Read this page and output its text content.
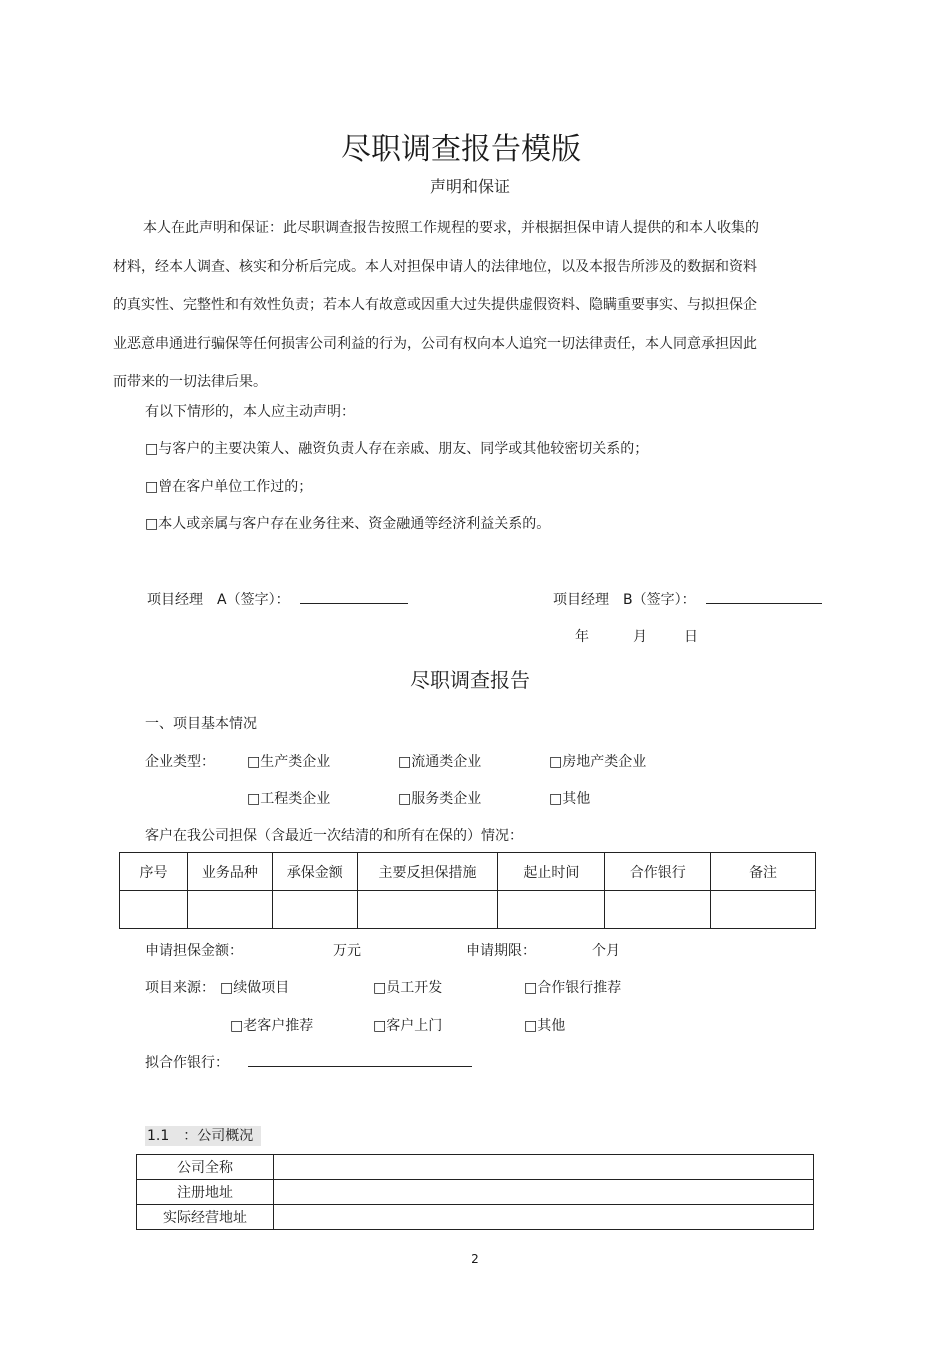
尽职调查报告模版
声明和保证

本人在此声明和保证：此尽职调查报告按照工作规程的要求，并根据担保申请人提供的和本人收集的材料，经本人调查、核实和分析后完成。本人对担保申请人的法律地位，以及本报告所涉及的数据和资料的真实性、完整性和有效性负责；若本人有故意或因重大过失提供虚假资料、隐瞒重要事实、与拟担保企业恶意串通进行骗保等任何损害公司利益的行为，公司有权向本人追究一切法律责任，本人同意承担因此而带来的一切法律后果。

有以下情形的，本人应主动声明：
□与客户的主要决策人、融资负责人存在亲戚、朋友、同学或其他较密切关系的；
□曾在客户单位工作过的；
□本人或亲属与客户存在业务往来、资金融通等经济利益关系的。
项目经理　A（签字）：	项目经理　B（签字）：
年	月	日
尽职调查报告
一、项目基本情况
企业类型： □生产类企业	□流通类企业	□房地产类企业
□工程类企业	□服务类企业	□其他
客户在我公司担保（含最近一次结清的和所有在保的）情况：
序号	业务品种	承保金额	主要反担保措施	起止时间	合作银行	备注

申请担保金额：	万元	申请期限：	个月
项目来源： □续做项目	□员工开发	□合作银行推荐
□老客户推荐	□客户上门	□其他
拟合作银行：
1.1　：公司概况
公司全称	
注册地址	
实际经营地址	
2
